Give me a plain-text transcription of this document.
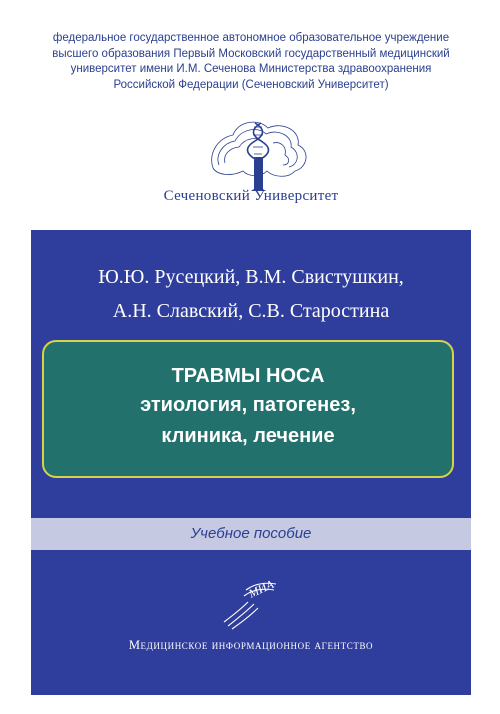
федеральное государственное автономное образовательное учреждение
высшего образования Первый Московский государственный медицинский
университет имени И.М. Сеченова Министерства здравоохранения
Российской Федерации (Сеченовский Университет)
Сеченовский Университет
Ю.Ю. Русецкий, В.М. Свистушкин,
А.Н. Славский, С.В. Старостина
ТРАВМЫ НОСА
этиология, патогенез,
клиника, лечение
Учебное пособие
МИА
Медицинское информационное агентство
